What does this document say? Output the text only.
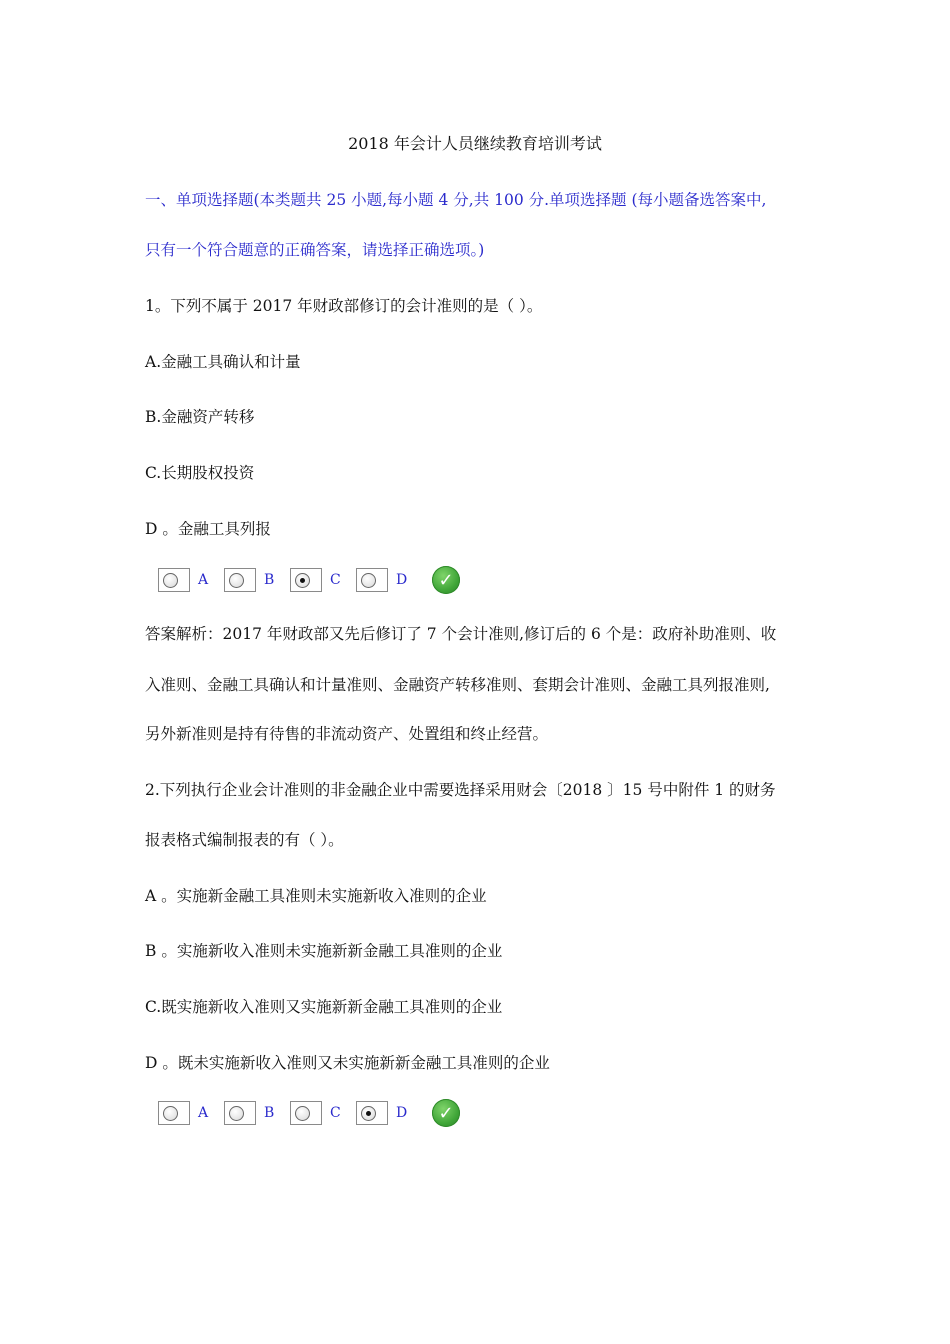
2018 年会计人员继续教育培训考试
一、单项选择题(本类题共 25 小题,每小题 4 分,共 100 分.单项选择题 (每小题备选答案中,
只有一个符合题意的正确答案，请选择正确选项。)
1。下列不属于 2017 年财政部修订的会计准则的是（ ）。
A.金融工具确认和计量
B.金融资产转移
C.长期股权投资
D 。金融工具列报
A	B	C	D	✓
答案解析：2017 年财政部又先后修订了 7 个会计准则,修订后的 6 个是：政府补助准则、收
入准则、金融工具确认和计量准则、金融资产转移准则、套期会计准则、金融工具列报准则,
另外新准则是持有待售的非流动资产、处置组和终止经营。
2.下列执行企业会计准则的非金融企业中需要选择采用财会〔2018 〕15 号中附件 1 的财务
报表格式编制报表的有（ ）。
A 。实施新金融工具准则未实施新收入准则的企业
B 。实施新收入准则未实施新新金融工具准则的企业
C.既实施新收入准则又实施新新金融工具准则的企业
D 。既未实施新收入准则又未实施新新金融工具准则的企业
A	B	C	D	✓
